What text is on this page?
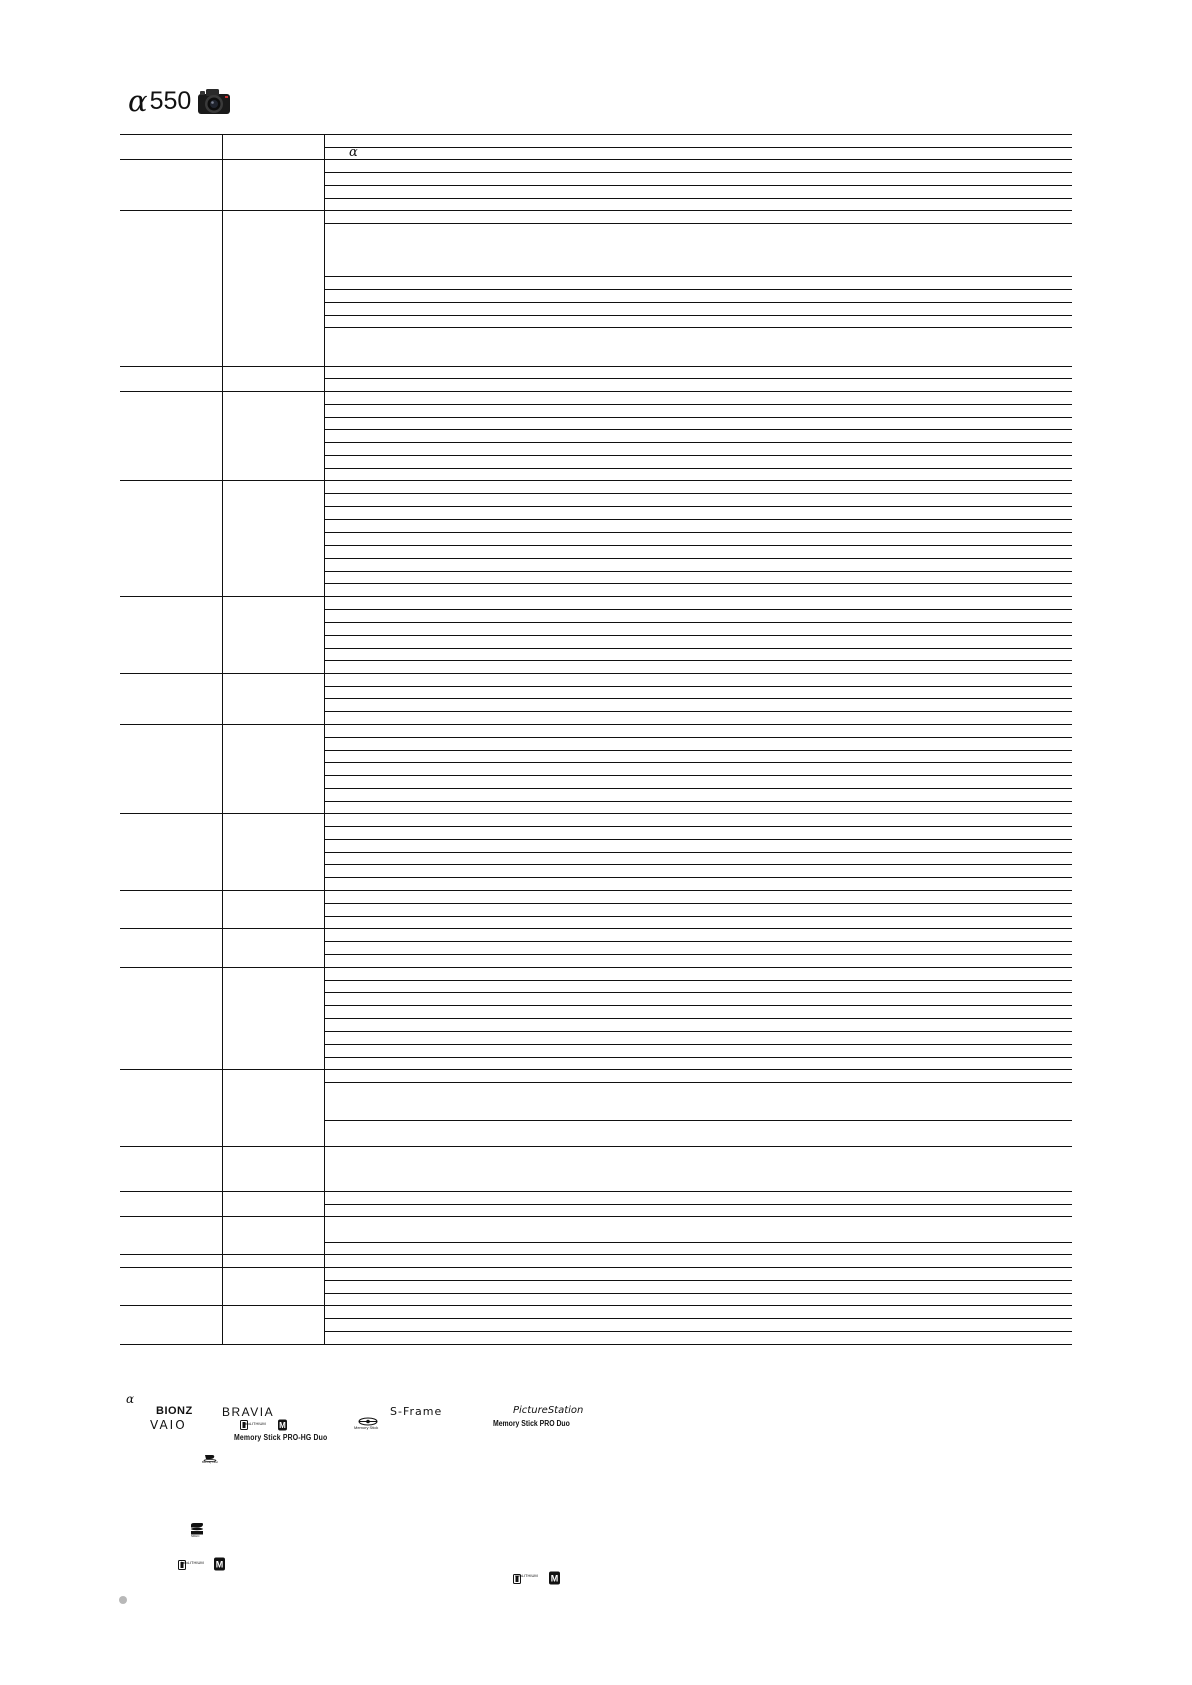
α 550
α
α
BIONZ BRAVIA	S-Frame	PictureStation
VAIO	M
InfoLITHIUM
Memory Stick PRO-HG Duo
Memory Stick	Memory Stick PRO Duo
Blu-ray Disc
SDHC
M
InfoLITHIUM
M
InfoLITHIUM
